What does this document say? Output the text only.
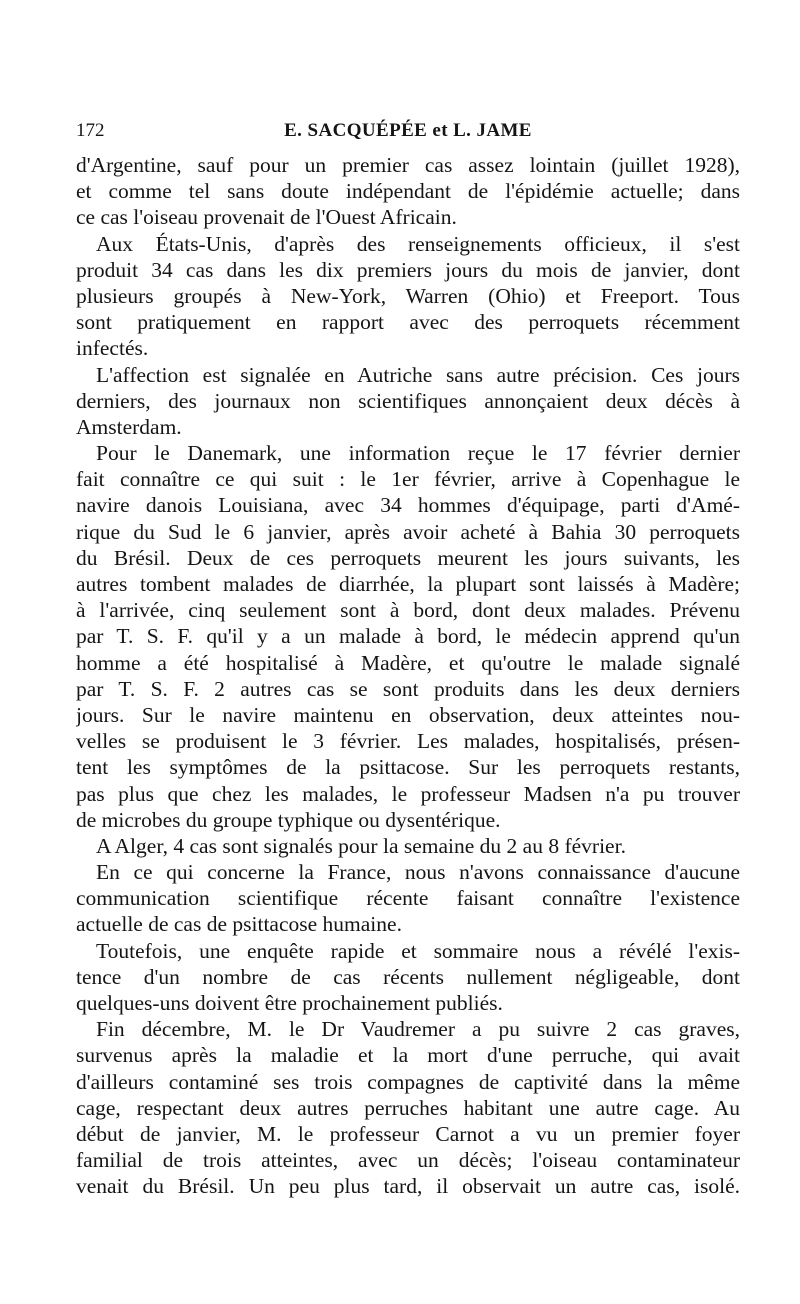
172	E. SACQUÉPÉE et L. JAME
d'Argentine, sauf pour un premier cas assez lointain (juillet 1928),
et comme tel sans doute indépendant de l'épidémie actuelle; dans
ce cas l'oiseau provenait de l'Ouest Africain.
Aux États-Unis, d'après des renseignements officieux, il s'est
produit 34 cas dans les dix premiers jours du mois de janvier, dont
plusieurs groupés à New-York, Warren (Ohio) et Freeport. Tous
sont pratiquement en rapport avec des perroquets récemment
infectés.
L'affection est signalée en Autriche sans autre précision. Ces jours
derniers, des journaux non scientifiques annonçaient deux décès à
Amsterdam.
Pour le Danemark, une information reçue le 17 février dernier
fait connaître ce qui suit : le 1er février, arrive à Copenhague le
navire danois Louisiana, avec 34 hommes d'équipage, parti d'Amé-
rique du Sud le 6 janvier, après avoir acheté à Bahia 30 perroquets
du Brésil. Deux de ces perroquets meurent les jours suivants, les
autres tombent malades de diarrhée, la plupart sont laissés à Madère;
à l'arrivée, cinq seulement sont à bord, dont deux malades. Prévenu
par T. S. F. qu'il y a un malade à bord, le médecin apprend qu'un
homme a été hospitalisé à Madère, et qu'outre le malade signalé
par T. S. F. 2 autres cas se sont produits dans les deux derniers
jours. Sur le navire maintenu en observation, deux atteintes nou-
velles se produisent le 3 février. Les malades, hospitalisés, présen-
tent les symptômes de la psittacose. Sur les perroquets restants,
pas plus que chez les malades, le professeur Madsen n'a pu trouver
de microbes du groupe typhique ou dysentérique.
A Alger, 4 cas sont signalés pour la semaine du 2 au 8 février.
En ce qui concerne la France, nous n'avons connaissance d'aucune
communication scientifique récente faisant connaître l'existence
actuelle de cas de psittacose humaine.
Toutefois, une enquête rapide et sommaire nous a révélé l'exis-
tence d'un nombre de cas récents nullement négligeable, dont
quelques-uns doivent être prochainement publiés.
Fin décembre, M. le Dr Vaudremer a pu suivre 2 cas graves,
survenus après la maladie et la mort d'une perruche, qui avait
d'ailleurs contaminé ses trois compagnes de captivité dans la même
cage, respectant deux autres perruches habitant une autre cage. Au
début de janvier, M. le professeur Carnot a vu un premier foyer
familial de trois atteintes, avec un décès; l'oiseau contaminateur
venait du Brésil. Un peu plus tard, il observait un autre cas, isolé.
